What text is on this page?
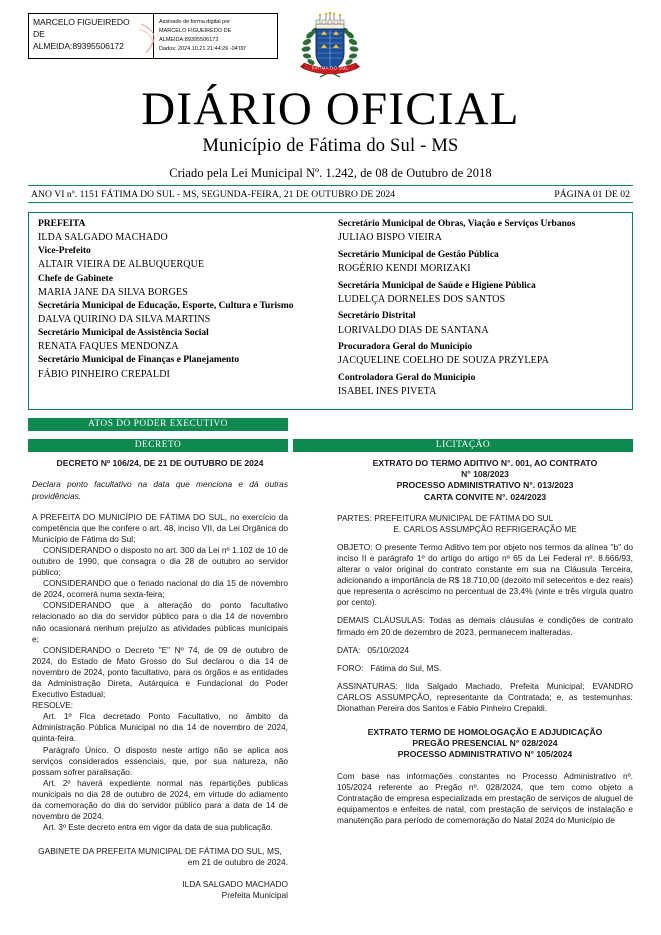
MARCELO FIGUEIREDO
DE
ALMEIDA:89395506172
Assinado de forma digital por
MARCELO FIGUEIREDO DE
ALMEIDA:89395506172
Dados: 2024.10.21 21:44:26 -04'00'
FATIMA DO SUL
DIÁRIO OFICIAL
Município de Fátima do Sul - MS
Criado pela Lei Municipal Nº. 1.242, de 08 de Outubro de 2018
ANO VI nº. 1151 FÁTIMA DO SUL - MS, SEGUNDA-FEIRA, 21 DE OUTUBRO DE 2024	PÁGINA 01 DE 02
PREFEITA
ILDA SALGADO MACHADO
Vice-Prefeito
ALTAIR VIEIRA DE ALBUQUERQUE
Chefe de Gabinete
MARIA JANE DA SILVA BORGES
Secretária Municipal de Educação, Esporte, Cultura e Turismo
DALVA QUIRINO DA SILVA MARTINS
Secretário Municipal de Assistência Social
RENATA FAQUES MENDONZA
Secretário Municipal de Finanças e Planejamento
FÁBIO PINHEIRO CREPALDI
Secretário Municipal de Obras, Viação e Serviços Urbanos
JULIAO BISPO VIEIRA
Secretário Municipal de Gestão Pública
ROGÉRIO KENDI MORIZAKI
Secretária Municipal de Saúde e Higiene Pública
LUDELÇA DORNELES DOS SANTOS
Secretário Distrital
LORIVALDO DIAS DE SANTANA
Procuradora Geral do Município
JACQUELINE COELHO DE SOUZA PRZYLEPA
Controladora Geral do Município
ISABEL INES PIVETA
ATOS DO PODER EXECUTIVO
DECRETO	LICITAÇÃO
DECRETO Nº 106/24, DE 21 DE OUTUBRO DE 2024

Declara ponto facultativo na data que menciona e dá outras providências.

A PREFEITA DO MUNICÍPIO DE FÁTIMA DO SUL, no exercício da competência que lhe confere o art. 48, inciso VII, da Lei Orgânica do Município de Fátima do Sul;

CONSIDERANDO o disposto no art. 300 da Lei nº 1.102 de 10 de outubro de 1990, que consagra o dia 28 de outubro ao servidor público;

CONSIDERANDO que o feriado nacional do dia 15 de novembro de 2024, ocorrerá numa sexta-feira;

CONSIDERANDO que a alteração do ponto facultativo relacionado ao dia do servidor público para o dia 14 de novembro não ocasionará nenhum prejuízo as atividades públicas municipais e;

CONSIDERANDO o Decreto "E" Nº 74, de 09 de outubro de 2024, do Estado de Mato Grosso do Sul declarou o dia 14 de novembro de 2024, ponto facultativo, para os órgãos e as entidades da Administração Direta, Autárquica e Fundacional do Poder Executivo Estadual;

RESOLVE:

Art. 1º Fica decretado Ponto Facultativo, no âmbito da Administração Pública Municipal no dia 14 de novembro de 2024, quinta-feira.

Parágrafo Único. O disposto neste artigo não se aplica aos serviços considerados essenciais, que, por sua natureza, não possam sofrer paralisação.

Art. 2º haverá expediente normal nas repartições publicas municipais no dia 28 de outubro de 2024, em virtude do adiamento da comemoração do dia do servidor público para a data de 14 de novembro de 2024.

Art. 3º Este decreto entra em vigor da data de sua publicação.

GABINETE DA PREFEITA MUNICIPAL DE FÁTIMA DO SUL, MS,

em 21 de outubro de 2024.

ILDA SALGADO MACHADO

Prefeita Municipal

EXTRATO DO TERMO ADITIVO N°. 001, AO CONTRATO
N° 108/2023
PROCESSO ADMINISTRATIVO N°. 013/2023
CARTA CONVITE N°. 024/2023

PARTES: PREFEITURA MUNICIPAL DE FÁTIMA DO SUL

E. CARLOS ASSUMPÇÃO REFRIGERAÇÃO ME

OBJETO: O presente Termo Aditivo tem por objeto nos termos da alínea "b" do inciso II e parágrafo 1º do artigo do artigo nº 65 da Lei Federal nº. 8.666/93, alterar o valor original do contrato constante em sua na Cláusula Terceira, adicionando a importância de R$ 18.710,00 (dezoito mil setecentos e dez reais) que representa o acréscimo no percentual de 23,4% (vinte e três vírgula quatro por cento).

DEMAIS CLÁUSULAS: Todas as demais cláusulas e condições de contrato firmado em 20 de dezembro de 2023, permanecem inalteradas.

DATA: 05/10/2024

FORO: Fátima do Sul, MS.

ASSINATURAS: Ilda Salgado Machado, Prefeita Municipal; EVANDRO CARLOS ASSUMPÇÃO, representante da Contratada; e, as testemunhas: Dionathan Pereira dos Santos e Fábio Pinheiro Crepaldi.

EXTRATO TERMO DE HOMOLOGAÇÃO E ADJUDICAÇÃO
PREGÃO PRESENCIAL N° 028/2024
PROCESSO ADMINISTRATIVO N° 105/2024

Com base nas informações constantes no Processo Administrativo nº. 105/2024 referente ao Pregão nº. 028/2024, que tem como objeto a Contratação de empresa especializada em prestação de serviços de aluguel de equipamentos e enfeites de natal, com prestação de serviços de instalação e manutenção para período de comemoração do Natal 2024 do Município de
